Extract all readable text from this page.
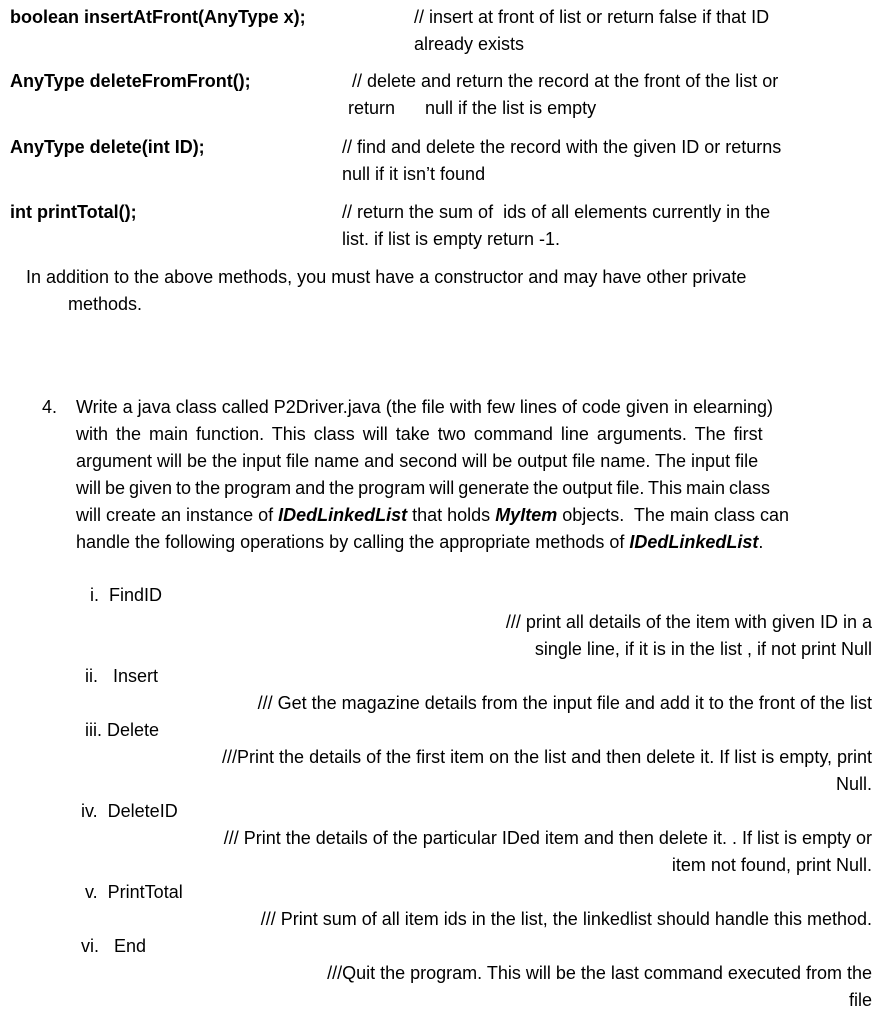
boolean insertAtFront(AnyType x);	// insert at front of list or return false if that ID
already exists
AnyType deleteFromFront();	// delete and return the record at the front of the list or
return      null if the list is empty
AnyType delete(int ID);	// find and delete the record with the given ID or returns
null if it isn’t found
int printTotal();	// return the sum of  ids of all elements currently in the
list. if list is empty return -1.
In addition to the above methods, you must have a constructor and may have other private
methods.
4. Write a java class called P2Driver.java (the file with few lines of code given in elearning)
with the main function. This class will take two command line arguments. The first
argument will be the input file name and second will be output file name. The input file
will be given to the program and the program will generate the output file. This main class
will create an instance of IDedLinkedList that holds MyItem objects.  The main class can
handle the following operations by calling the appropriate methods of IDedLinkedList.
i.  FindID
/// print all details of the item with given ID in a
single line, if it is in the list , if not print Null
ii.   Insert
/// Get the magazine details from the input file and add it to the front of the list
iii. Delete
///Print the details of the first item on the list and then delete it. If list is empty, print
Null.
iv.  DeleteID
/// Print the details of the particular IDed item and then delete it. . If list is empty or
item not found, print Null.
v.  PrintTotal
/// Print sum of all item ids in the list, the linkedlist should handle this method.
vi.   End
///Quit the program. This will be the last command executed from the
file
